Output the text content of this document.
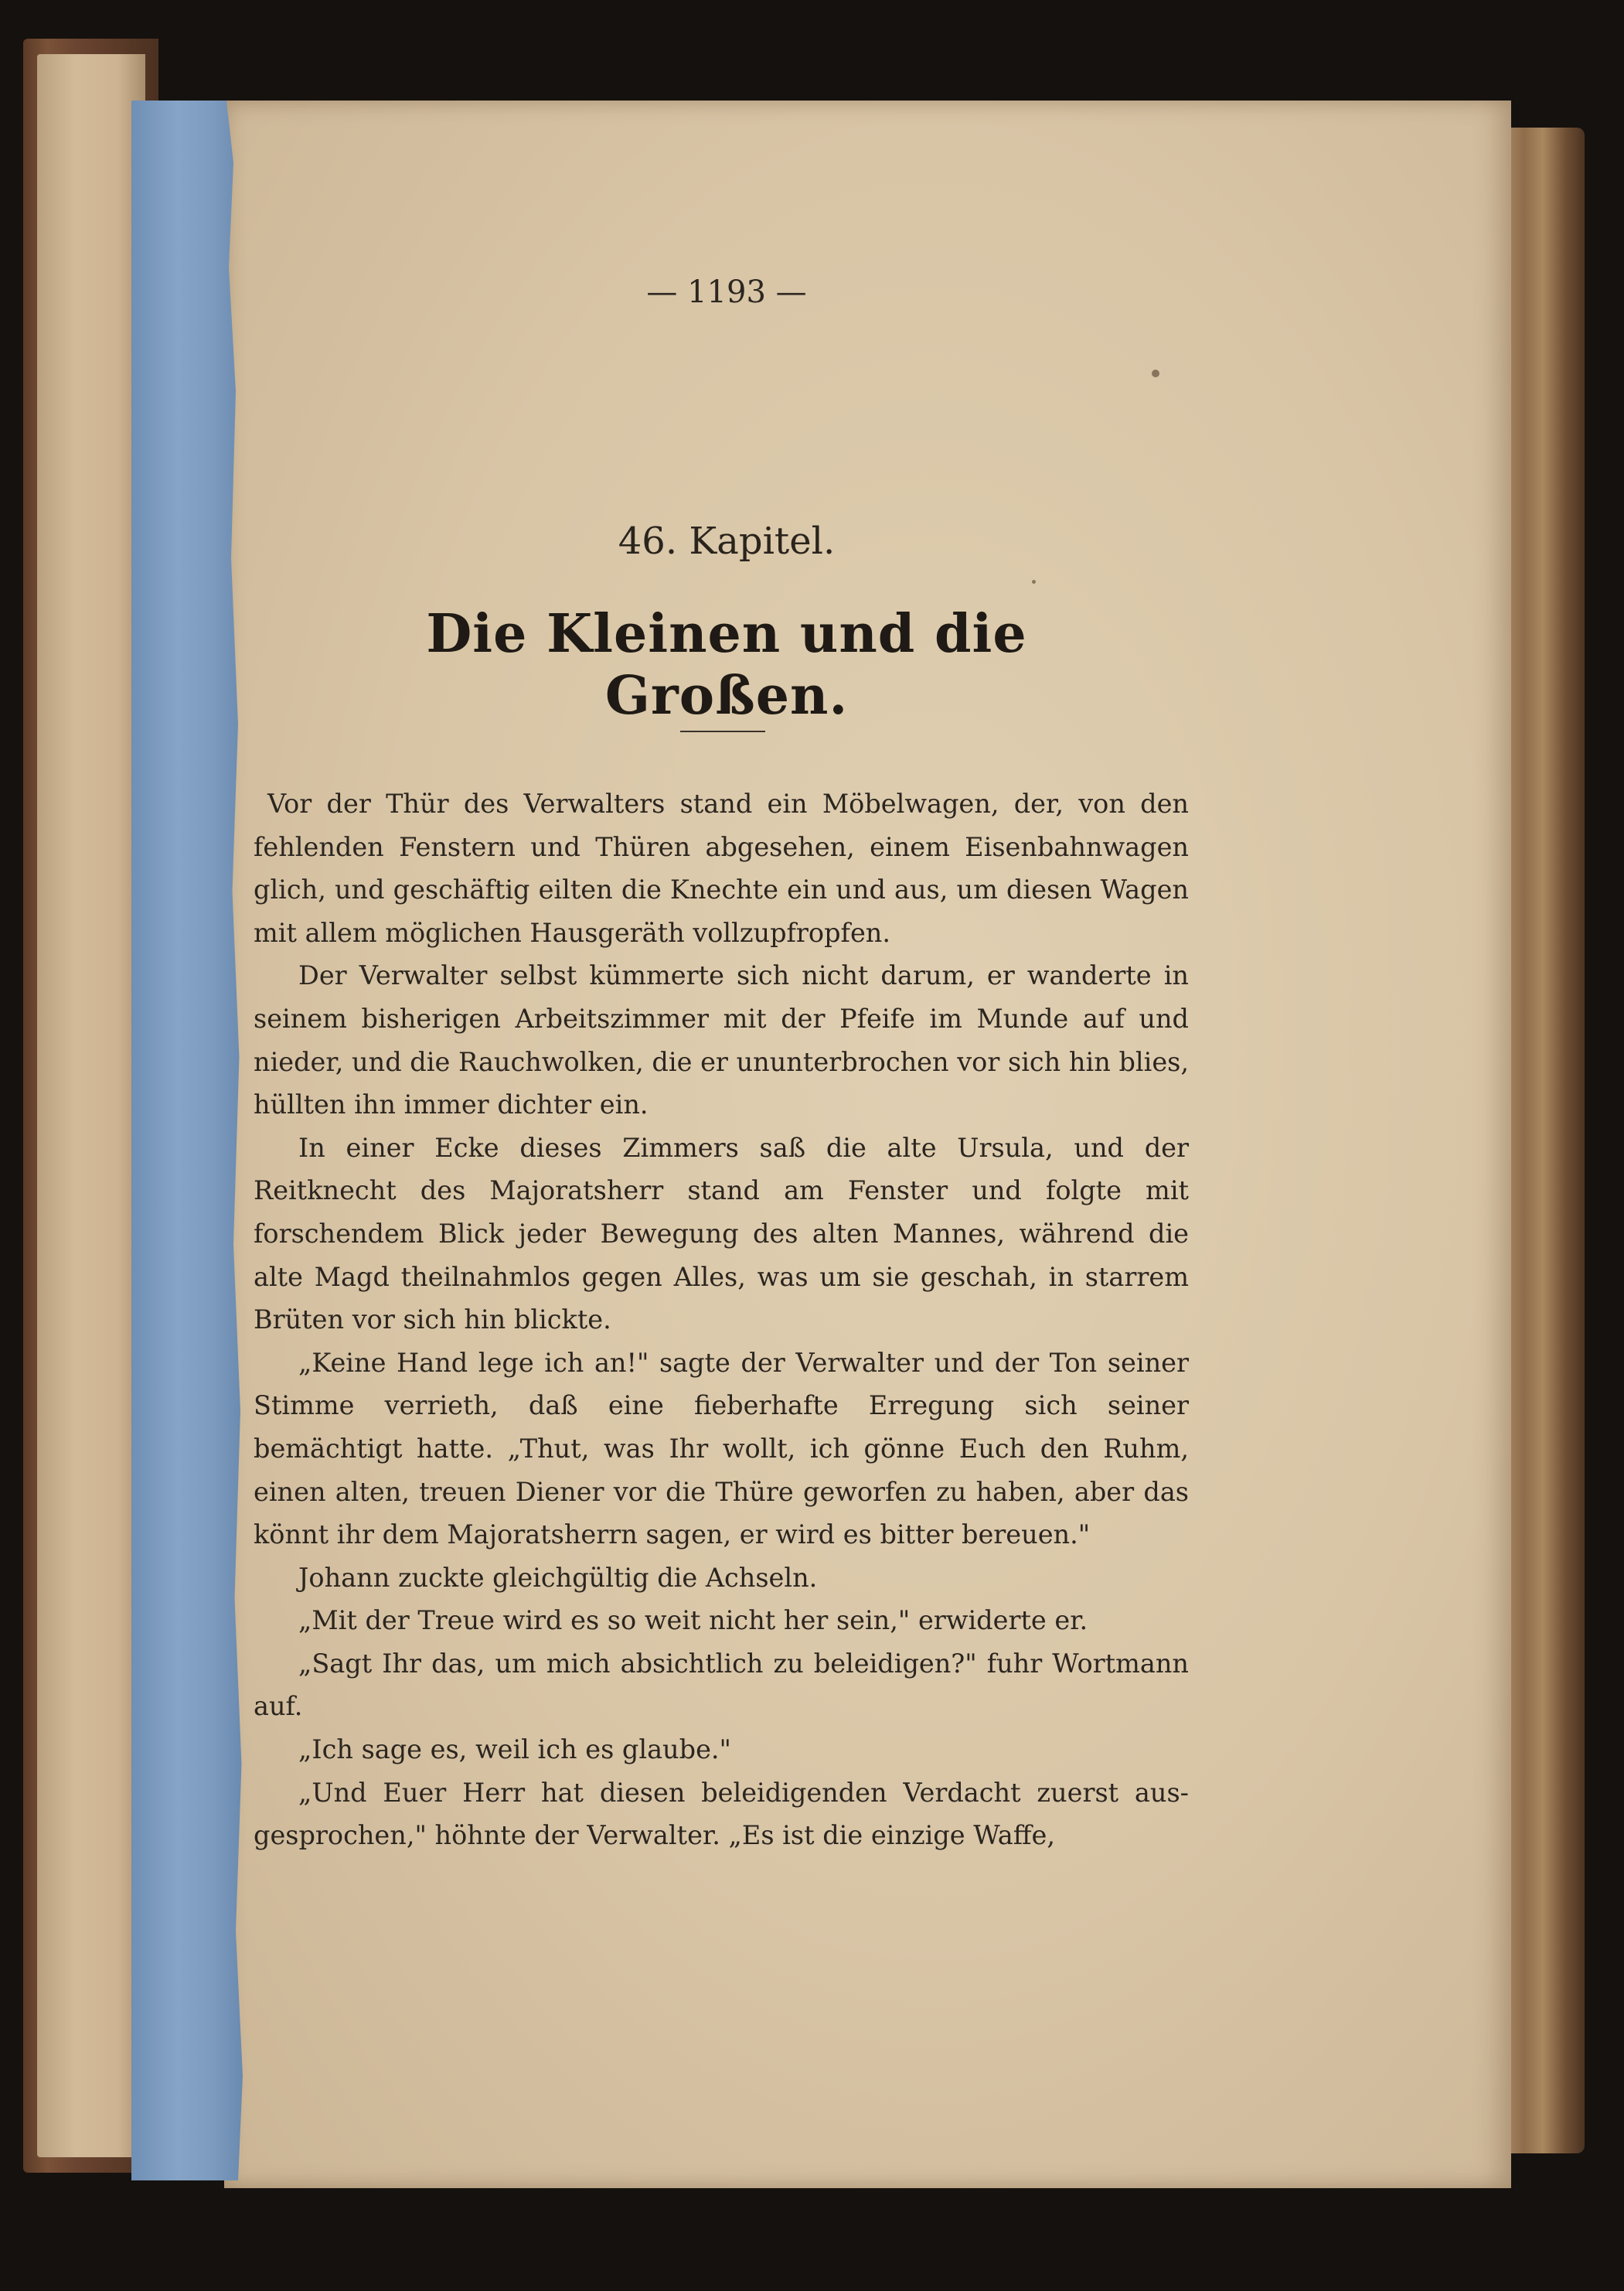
— 1193 —
46. Kapitel.
Die Kleinen und die Großen.

Vor der Thür des Verwalters stand ein Möbelwagen, der, von den fehlenden Fenstern und Thüren abgesehen, einem Eisenbahnwagen glich, und geschäftig eilten die Knechte ein und aus, um diesen Wagen mit allem möglichen Hausgeräth vollzupfropfen.

Der Verwalter selbst kümmerte sich nicht darum, er wanderte in seinem bisherigen Arbeitszimmer mit der Pfeife im Munde auf und nieder, und die Rauchwolken, die er ununterbrochen vor sich hin blies, hüllten ihn immer dichter ein.

In einer Ecke dieses Zimmers saß die alte Ursula, und der Reitknecht des Majoratsherr stand am Fenster und folgte mit forschendem Blick jeder Bewegung des alten Mannes, während die alte Magd theilnahmlos gegen Alles, was um sie geschah, in starrem Brüten vor sich hin blickte.

„Keine Hand lege ich an!" sagte der Verwalter und der Ton seiner Stimme verrieth, daß eine fieberhafte Erregung sich seiner bemächtigt hatte. „Thut, was Ihr wollt, ich gönne Euch den Ruhm, einen alten, treuen Diener vor die Thüre geworfen zu haben, aber das könnt ihr dem Majoratsherrn sagen, er wird es bitter bereuen."

Johann zuckte gleichgültig die Achseln.

„Mit der Treue wird es so weit nicht her sein," erwiderte er.

„Sagt Ihr das, um mich absichtlich zu beleidigen?" fuhr Wortmann auf.

„Ich sage es, weil ich es glaube."

„Und Euer Herr hat diesen beleidigenden Verdacht zuerst ausgesprochen," höhnte der Verwalter. „Es ist die einzige Waffe,
